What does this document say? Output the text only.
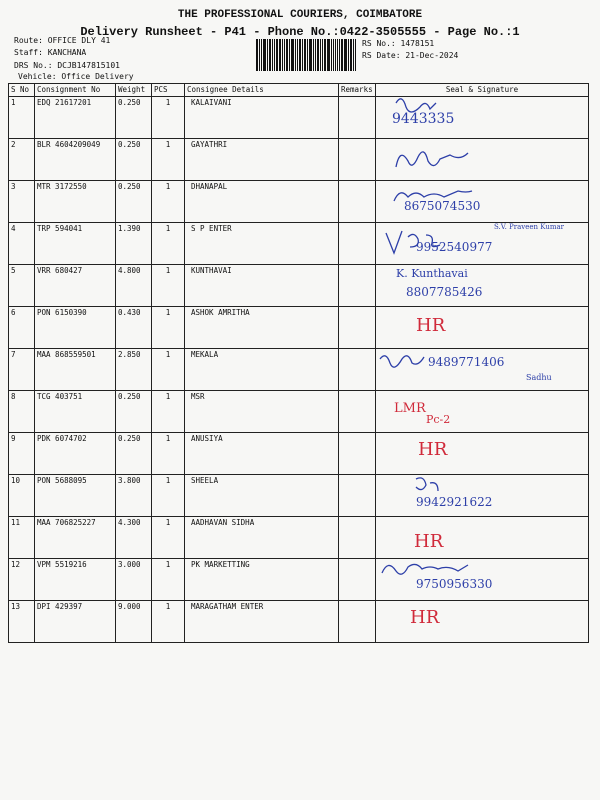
THE PROFESSIONAL COURIERS, COIMBATORE
Delivery Runsheet - P41 - Phone No.:0422-3505555 - Page No.:1
Route: OFFICE DLY 41
Staff: KANCHANA
DRS No.: DCJB147815101
Vehicle: Office Delivery
RS No.: 1478151
RS Date: 21-Dec-2024
S No	Consignment No	Weight	PCS	Consignee Details	Remarks	Seal & Signature
1	EDQ 21617201	0.250	1	KALAIVANI		9443335

2	BLR 4604209049	0.250	1	GAYATHRI		

3	MTR 3172550	0.250	1	DHANAPAL		8675074530

4	TRP 594041	1.390	1	S P ENTER		9952540977
S.V. Praveen Kumar

5	VRR 680427	4.800	1	KUNTHAVAI		8807785426
K. Kunthavai

6	PON 6150390	0.430	1	ASHOK AMRITHA		HR

7	MAA 868559501	2.850	1	MEKALA		9489771406
Sadhu

8	TCG 403751	0.250	1	MSR		LMR
Pc-2

9	PDK 6074702	0.250	1	ANUSIYA		HR

10	PON 5688095	3.800	1	SHEELA		9942921622

11	MAA 706825227	4.300	1	AADHAVAN SIDHA		HR

12	VPM 5519216	3.000	1	PK MARKETTING		9750956330

13	DPI 429397	9.000	1	MARAGATHAM ENTER		HR
